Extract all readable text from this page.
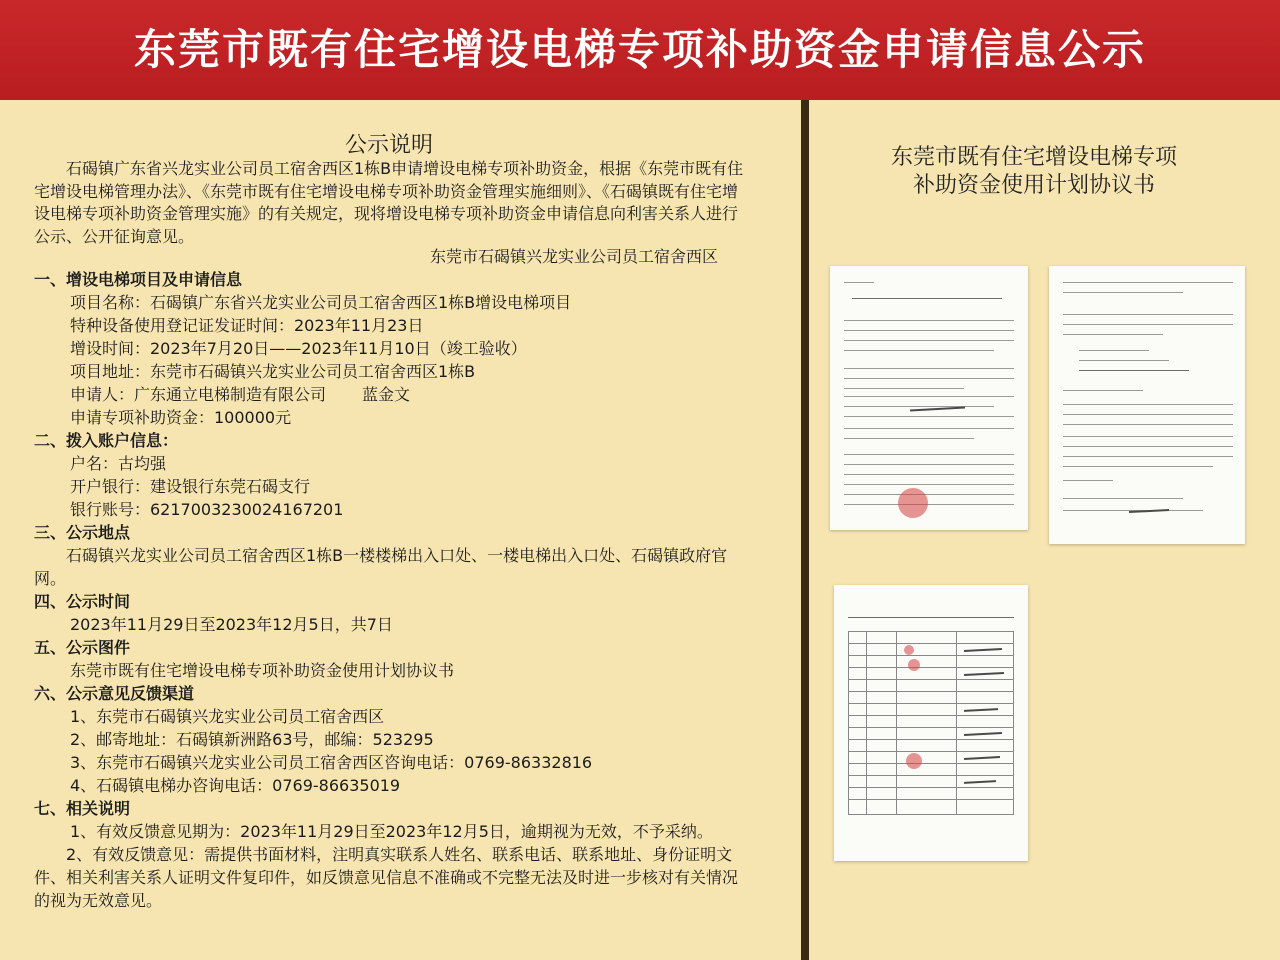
东莞市既有住宅增设电梯专项补助资金申请信息公示
公示说明

石碣镇广东省兴龙实业公司员工宿舍西区1栋B申请增设电梯专项补助资金，根据《东莞市既有住宅增设电梯管理办法》、《东莞市既有住宅增设电梯专项补助资金管理实施细则》、《石碣镇既有住宅增设电梯专项补助资金管理实施》的有关规定，现将增设电梯专项补助资金申请信息向利害关系人进行公示、公开征询意见。

东莞市石碣镇兴龙实业公司员工宿舍西区
一、增设电梯项目及申请信息
项目名称：石碣镇广东省兴龙实业公司员工宿舍西区1栋B增设电梯项目
特种设备使用登记证发证时间：2023年11月23日
增设时间：2023年7月20日——2023年11月10日（竣工验收）
项目地址：东莞市石碣镇兴龙实业公司员工宿舍西区1栋B
申请人：广东通立电梯制造有限公司 蓝金文
申请专项补助资金：100000元
二、拨入账户信息：
户名：古均强
开户银行：建设银行东莞石碣支行
银行账号：6217003230024167201
三、公示地点
石碣镇兴龙实业公司员工宿舍西区1栋B一楼楼梯出入口处、一楼电梯出入口处、石碣镇政府官网。
四、公示时间
2023年11月29日至2023年12月5日，共7日
五、公示图件
东莞市既有住宅增设电梯专项补助资金使用计划协议书
六、公示意见反馈渠道
1、东莞市石碣镇兴龙实业公司员工宿舍西区
2、邮寄地址：石碣镇新洲路63号，邮编：523295
3、东莞市石碣镇兴龙实业公司员工宿舍西区咨询电话：0769-86332816
4、石碣镇电梯办咨询电话：0769-86635019
七、相关说明
1、有效反馈意见期为：2023年11月29日至2023年12月5日，逾期视为无效，不予采纳。
2、有效反馈意见：需提供书面材料，注明真实联系人姓名、联系电话、联系地址、身份证明文件、相关利害关系人证明文件复印件，如反馈意见信息不准确或不完整无法及时进一步核对有关情况的视为无效意见。
东莞市既有住宅增设电梯专项
补助资金使用计划协议书
